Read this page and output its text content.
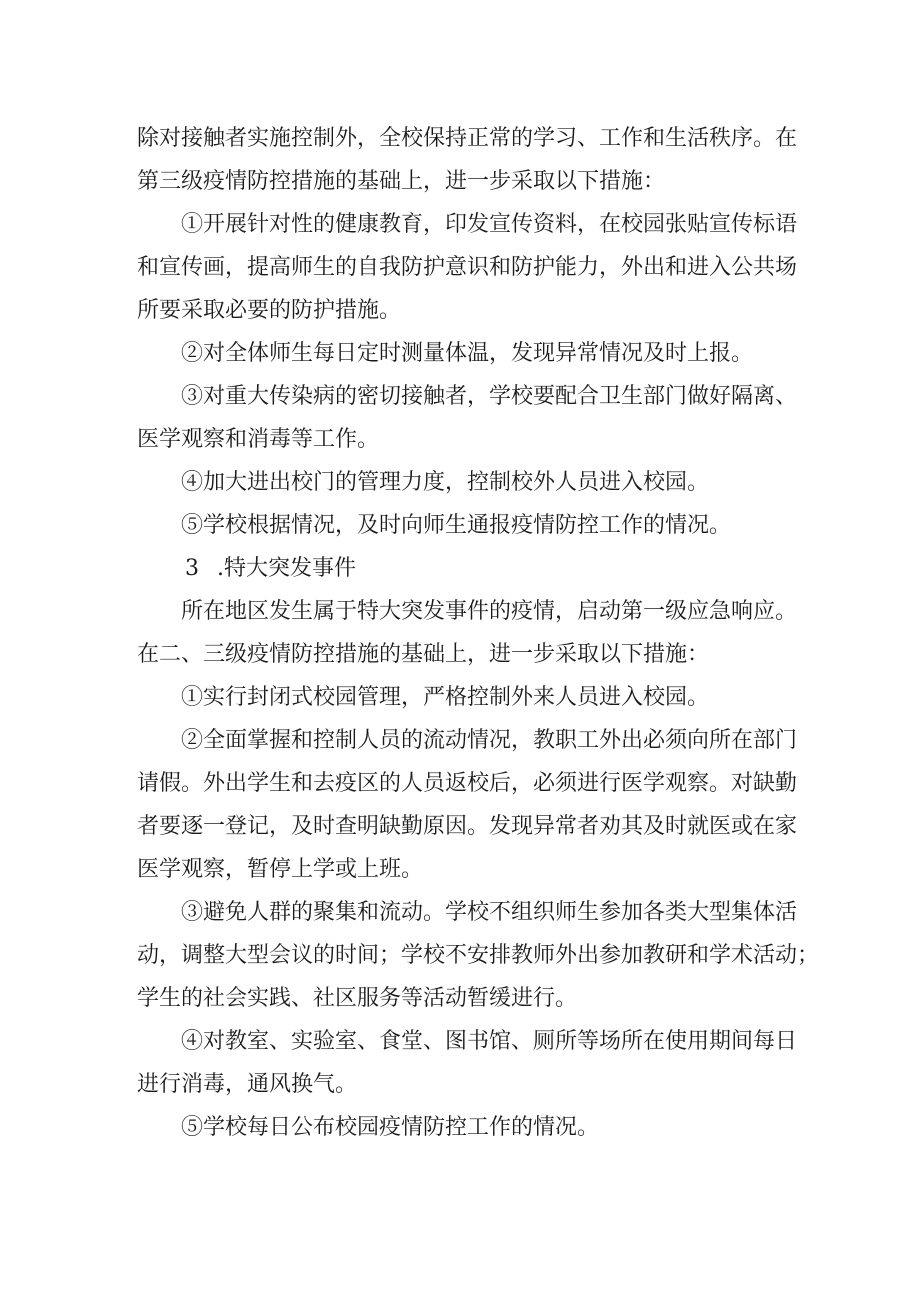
除对接触者实施控制外，全校保持正常的学习、工作和生活秩序。在

第三级疫情防控措施的基础上，进一步采取以下措施：

①开展针对性的健康教育，印发宣传资料，在校园张贴宣传标语

和宣传画，提高师生的自我防护意识和防护能力，外出和进入公共场

所要采取必要的防护措施。

②对全体师生每日定时测量体温，发现异常情况及时上报。

③对重大传染病的密切接触者，学校要配合卫生部门做好隔离、

医学观察和消毒等工作。

④加大进出校门的管理力度，控制校外人员进入校园。

⑤学校根据情况，及时向师生通报疫情防控工作的情况。

3 .特大突发事件

所在地区发生属于特大突发事件的疫情，启动第一级应急响应。

在二、三级疫情防控措施的基础上，进一步采取以下措施：

①实行封闭式校园管理，严格控制外来人员进入校园。

②全面掌握和控制人员的流动情况，教职工外出必须向所在部门

请假。外出学生和去疫区的人员返校后，必须进行医学观察。对缺勤

者要逐一登记，及时查明缺勤原因。发现异常者劝其及时就医或在家

医学观察，暂停上学或上班。

③避免人群的聚集和流动。学校不组织师生参加各类大型集体活

动，调整大型会议的时间；学校不安排教师外出参加教研和学术活动；

学生的社会实践、社区服务等活动暂缓进行。

④对教室、实验室、食堂、图书馆、厕所等场所在使用期间每日

进行消毒，通风换气。

⑤学校每日公布校园疫情防控工作的情况。
